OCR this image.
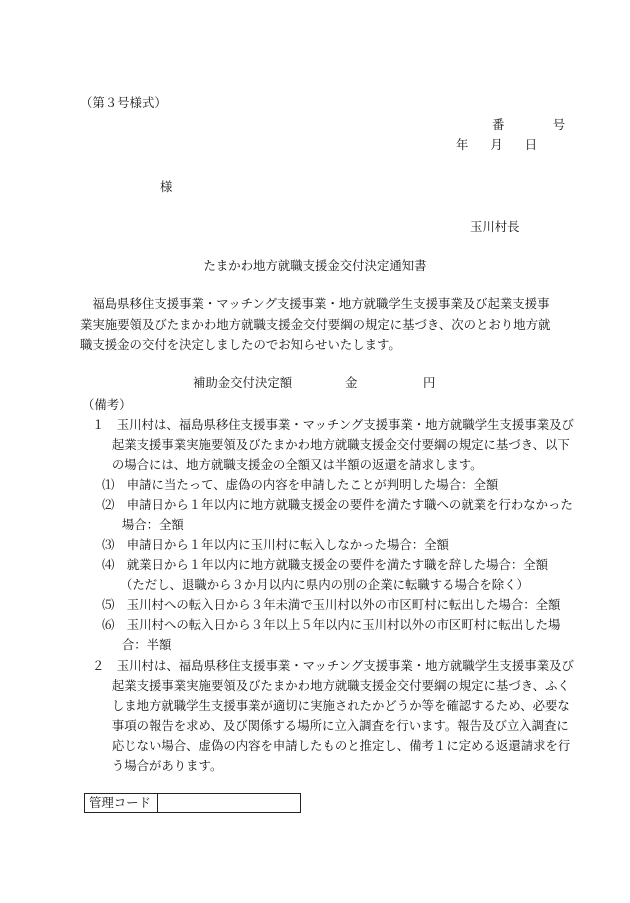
（第３号様式）
番　号
年 月 日
様
玉川村長
たまかわ地方就職支援金交付決定通知書
福島県移住支援事業・マッチング支援事業・地方就職学生支援事業及び起業支援事業実施要領及びたまかわ地方就職支援金交付要綱の規定に基づき、次のとおり地方就職支援金の交付を決定しましたのでお知らせいたします。
補助金交付決定額	金	円
（備考）
１　玉川村は、福島県移住支援事業・マッチング支援事業・地方就職学生支援事業及び起業支援事業実施要領及びたまかわ地方就職支援金交付要綱の規定に基づき、以下の場合には、地方就職支援金の全額又は半額の返還を請求します。
⑴　申請に当たって、虚偽の内容を申請したことが判明した場合：全額
⑵　申請日から１年以内に地方就職支援金の要件を満たす職への就業を行わなかった場合：全額
⑶　申請日から１年以内に玉川村に転入しなかった場合：全額
⑷　就業日から１年以内に地方就職支援金の要件を満たす職を辞した場合：全額
（ただし、退職から３か月以内に県内の別の企業に転職する場合を除く）
⑸　玉川村への転入日から３年未満で玉川村以外の市区町村に転出した場合：全額
⑹　玉川村への転入日から３年以上５年以内に玉川村以外の市区町村に転出した場合：半額
２　玉川村は、福島県移住支援事業・マッチング支援事業・地方就職学生支援事業及び起業支援事業実施要領及びたまかわ地方就職支援金交付要綱の規定に基づき、ふくしま地方就職学生支援事業が適切に実施されたかどうか等を確認するため、必要な事項の報告を求め、及び関係する場所に立入調査を行います。報告及び立入調査に応じない場合、虚偽の内容を申請したものと推定し、備考１に定める返還請求を行う場合があります。
管理コード	
